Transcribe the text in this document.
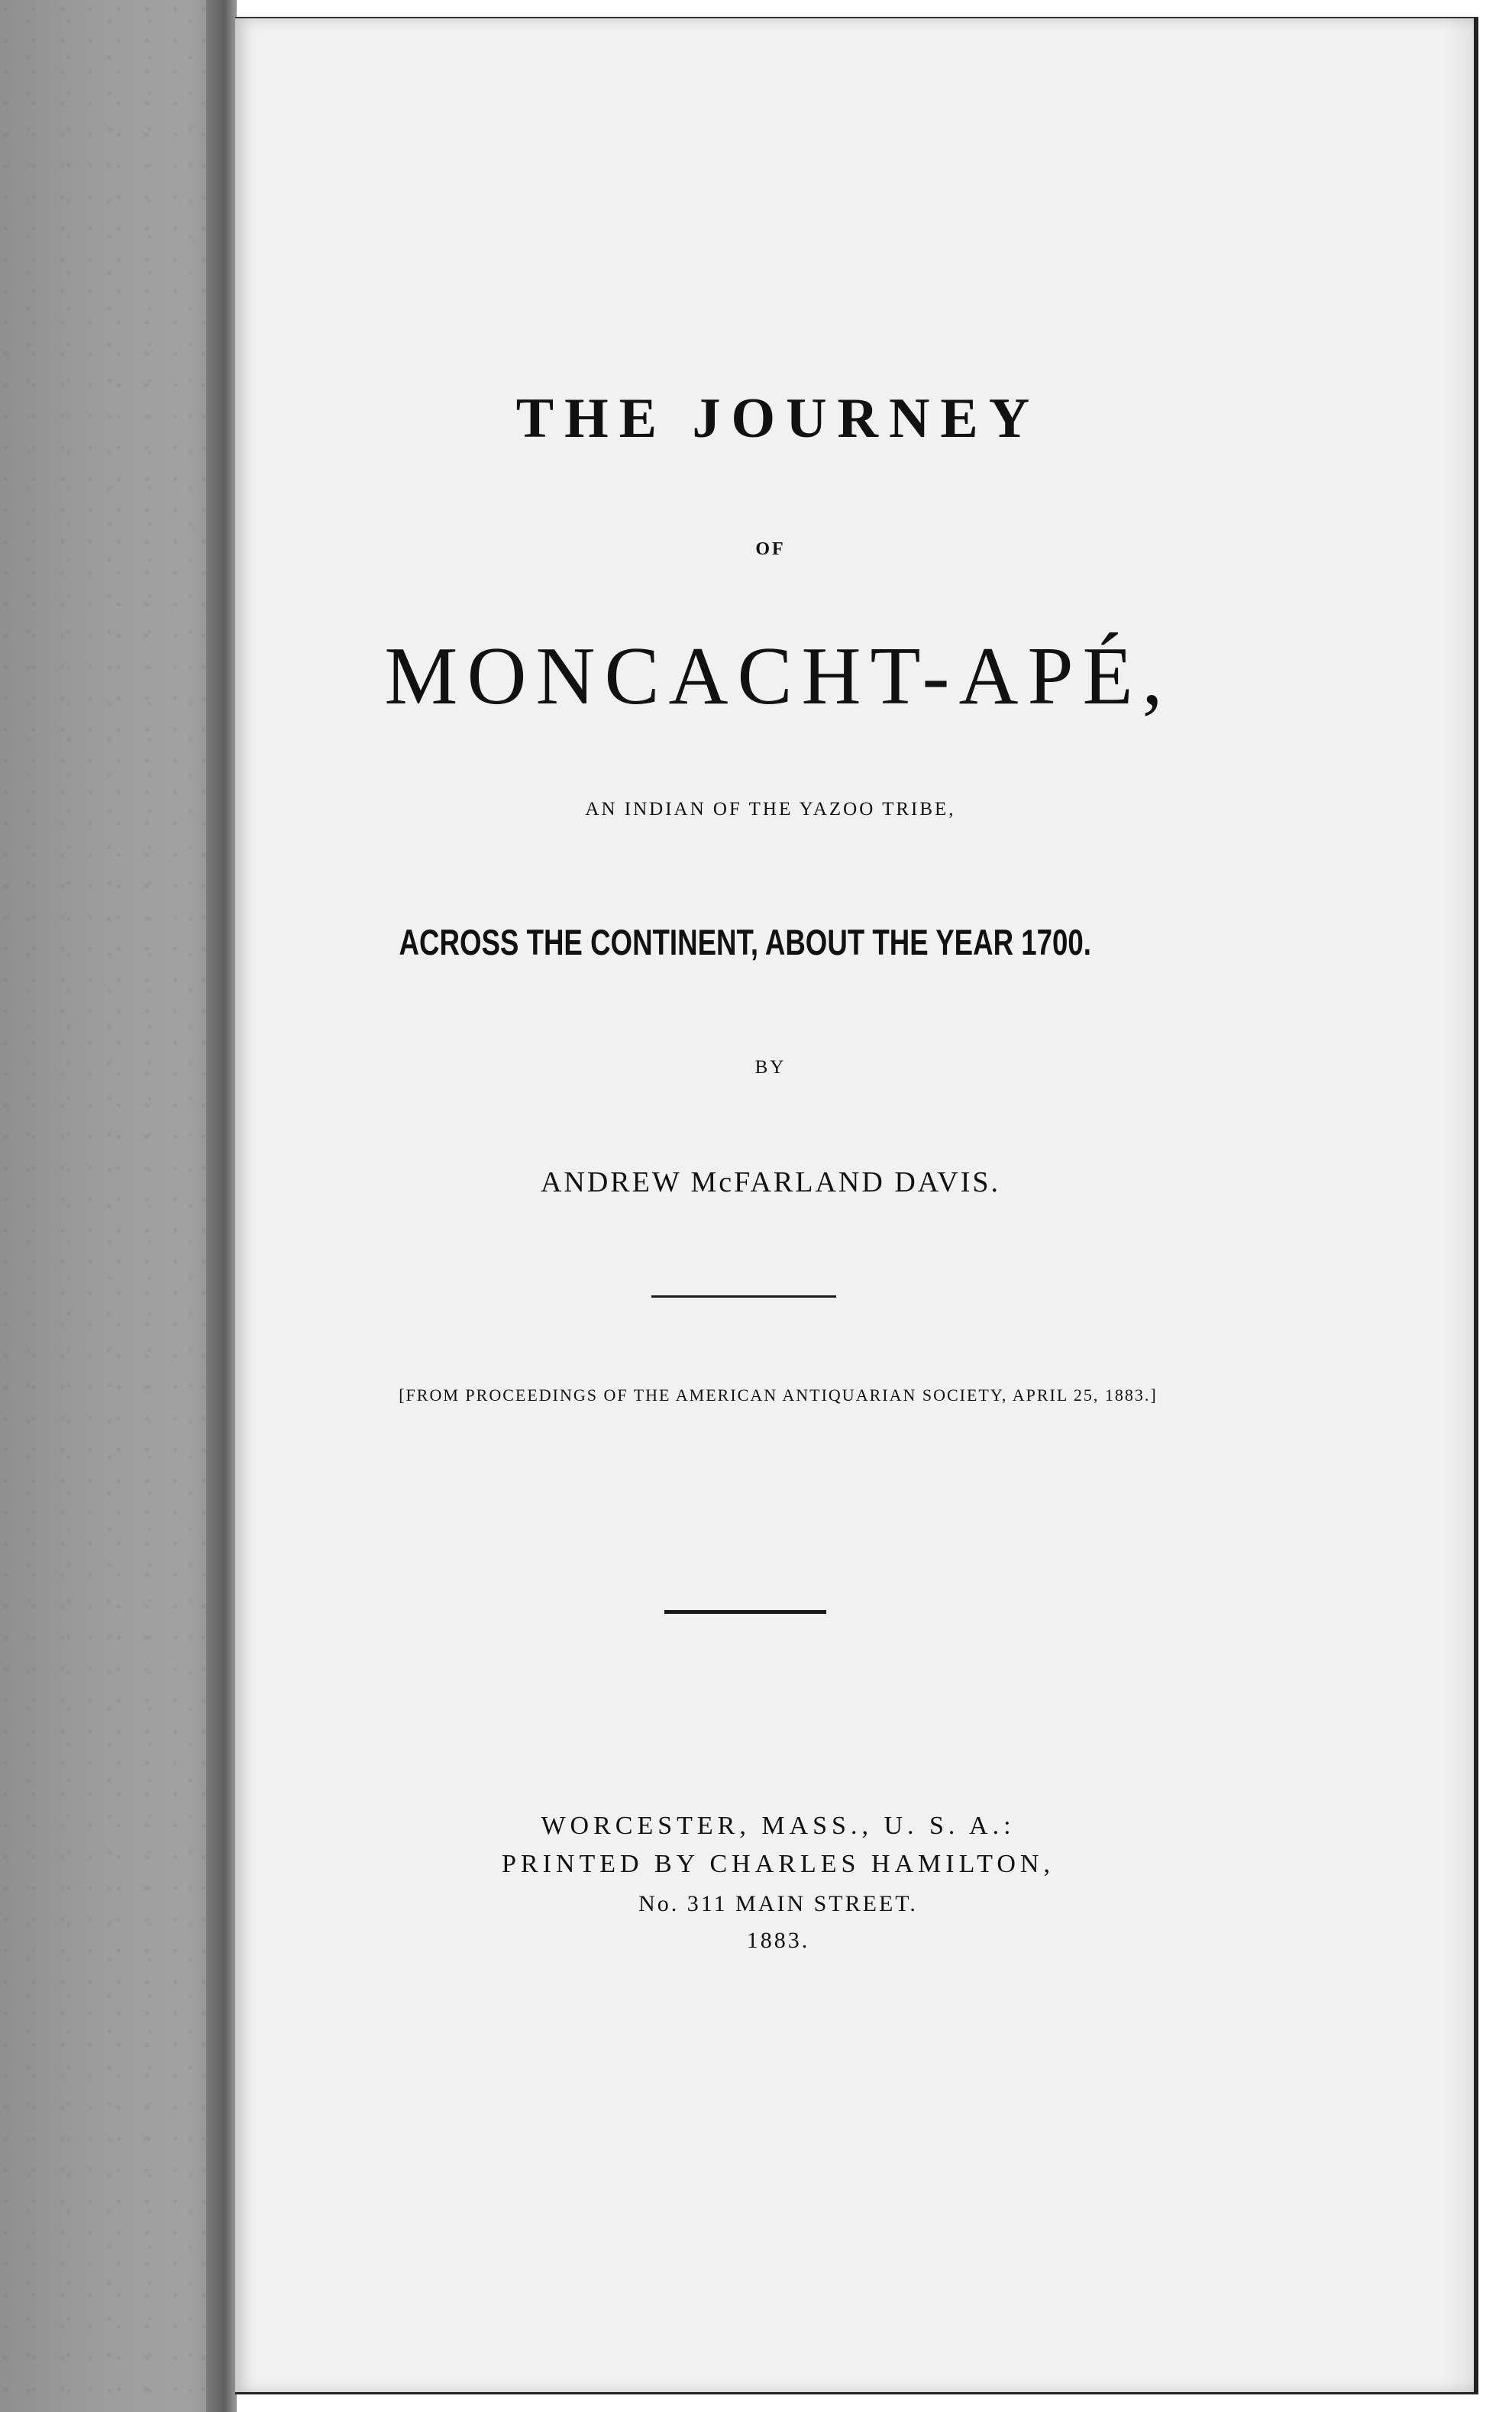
THE JOURNEY
OF
MONCACHT-APÉ,
AN INDIAN OF THE YAZOO TRIBE,
ACROSS THE CONTINENT, ABOUT THE YEAR 1700.
BY
ANDREW McFARLAND DAVIS.
[FROM PROCEEDINGS OF THE AMERICAN ANTIQUARIAN SOCIETY, APRIL 25, 1883.]
WORCESTER, MASS., U. S. A.:
PRINTED BY CHARLES HAMILTON,
No. 311 MAIN STREET.
1883.
